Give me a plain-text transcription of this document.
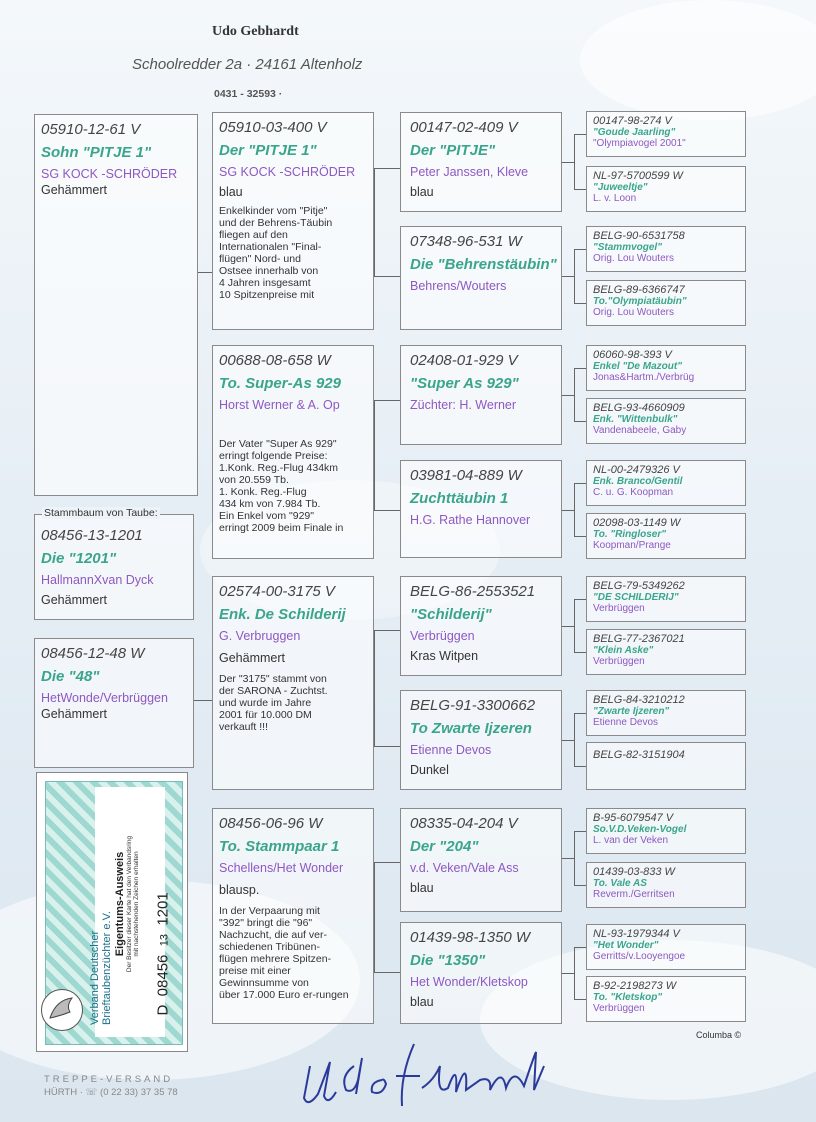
Udo Gebhardt
Schoolredder 2a · 24161 Altenholz
0431 - 32593 ·
05910-12-61 V
Sohn "PITJE 1"
SG KOCK -SCHRÖDER
Gehämmert
08456-13-1201
Die "1201"
HallmannXvan Dyck
Gehämmert
Stammbaum von Taube:
08456-12-48 W
Die "48"
HetWonde/Verbrüggen
Gehämmert
05910-03-400 V
Der "PITJE 1"
SG KOCK -SCHRÖDER
blau
Enkelkinder vom "Pitje"
und der Behrens-Täubin
fliegen auf den
Internationalen "Final-
flügen" Nord- und
Ostsee innerhalb von
4 Jahren insgesamt
10 Spitzenpreise mit
00688-08-658 W
To. Super-As 929
Horst Werner & A. Op
Der Vater "Super As 929"
erringt folgende Preise:
1.Konk. Reg.-Flug 434km
von 20.559 Tb.
1. Konk. Reg.-Flug
434 km von 7.984 Tb.
Ein Enkel vom "929"
erringt 2009 beim Finale in
02574-00-3175 V
Enk. De Schilderij
G. Verbruggen
Gehämmert
Der "3175" stammt von
der SARONA - Zuchtst.
und wurde im Jahre
2001 für 10.000 DM
verkauft !!!
08456-06-96 W
To. Stammpaar 1
Schellens/Het Wonder
blausp.
In der Verpaarung mit
"392" bringt die "96"
Nachzucht, die auf ver-
schiedenen Tribünen-
flügen mehrere Spitzen-
preise mit einer
Gewinnsumme von
über 17.000 Euro er-rungen
00147-02-409 V
Der "PITJE"
Peter Janssen, Kleve
blau
07348-96-531 W
Die "Behrenstäubin"
Behrens/Wouters
02408-01-929 V
"Super As 929"
Züchter: H. Werner
03981-04-889 W
Zuchttäubin 1
H.G. Rathe Hannover
BELG-86-2553521
"Schilderij"
Verbrüggen
Kras Witpen
BELG-91-3300662
To Zwarte Ijzeren
Etienne Devos
Dunkel
08335-04-204 V
Der "204"
v.d. Veken/Vale Ass
blau
01439-98-1350 W
Die "1350"
Het Wonder/Kletskop
blau
00147-98-274 V
"Goude Jaarling"
"Olympiavogel 2001"
NL-97-5700599 W
"Juweeltje"
L. v. Loon
BELG-90-6531758
"Stammvogel"
Orig. Lou Wouters
BELG-89-6366747
To."Olympiatäubin"
Orig. Lou Wouters
06060-98-393 V
Enkel "De Mazout"
Jonas&Hartm./Verbrüg
BELG-93-4660909
Enk. "Wittenbulk"
Vandenabeele, Gaby
NL-00-2479326 V
Enk. Branco/Gentil
C. u. G. Koopman
02098-03-1149 W
To. "Ringloser"
Koopman/Prange
BELG-79-5349262
"DE SCHILDERIJ"
Verbrüggen
BELG-77-2367021
"Klein Aske"
Verbrüggen
BELG-84-3210212
"Zwarte Ijzeren"
Etienne Devos
BELG-82-3151904
B-95-6079547 V
So.V.D.Veken-Vogel
L. van der Veken
01439-03-833 W
To. Vale AS
Reverm./Gerritsen
NL-93-1979344 V
"Het Wonder"
Gerritts/v.Looyengoe
B-92-2198273 W
To. "Kletskop"
Verbrüggen
Verband Deutscher Brieftaubenzüchter e.V.
Eigentums-Ausweis Der Besitzer dieser Karte hat den Verbandsring mit nachstehenden Zeichen erhalten
D  08456  13  1201
Columba ©
TREPPE-VERSAND
HÜRTH · ☏ (0 22 33) 37 35 78
